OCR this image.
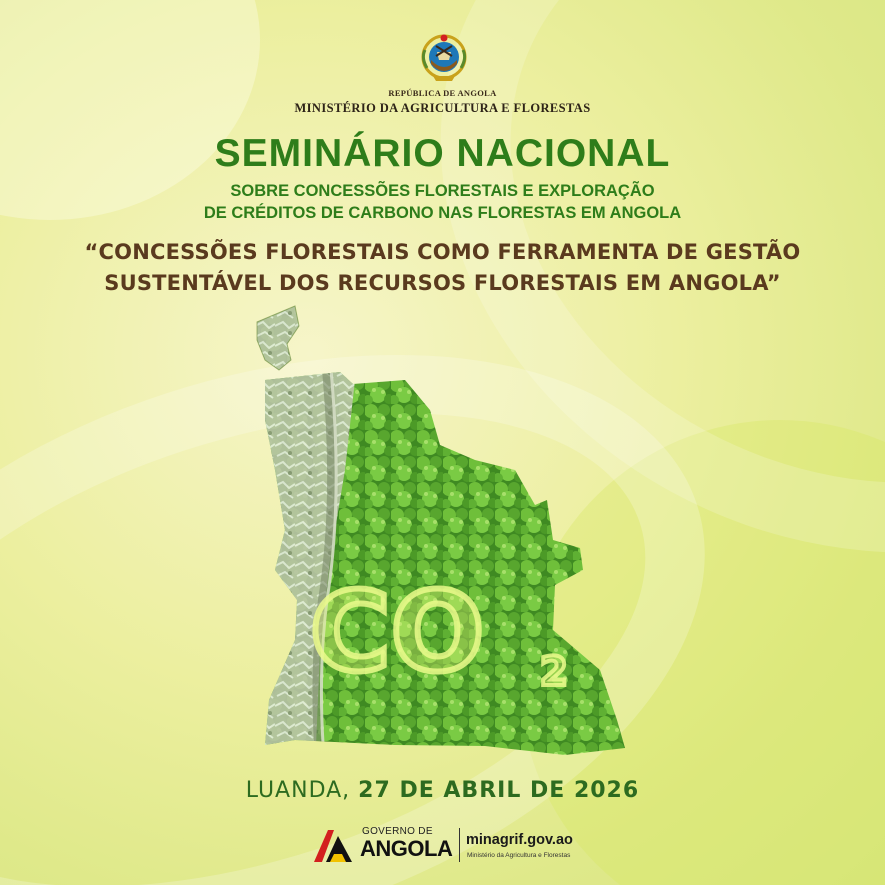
REPÚBLICA DE ANGOLA
MINISTÉRIO DA AGRICULTURA E FLORESTAS
SEMINÁRIO NACIONAL
SOBRE CONCESSÕES FLORESTAIS E EXPLORAÇÃO
DE CRÉDITOS DE CARBONO NAS FLORESTAS EM ANGOLA
“CONCESSÕES FLORESTAIS COMO FERRAMENTA DE GESTÃO
SUSTENTÁVEL DOS RECURSOS FLORESTAIS EM ANGOLA”
CO 2
LUANDA, 27 DE ABRIL DE 2026
GOVERNO DE
ANGOLA minagrif.gov.ao
Ministério da Agricultura e Florestas
